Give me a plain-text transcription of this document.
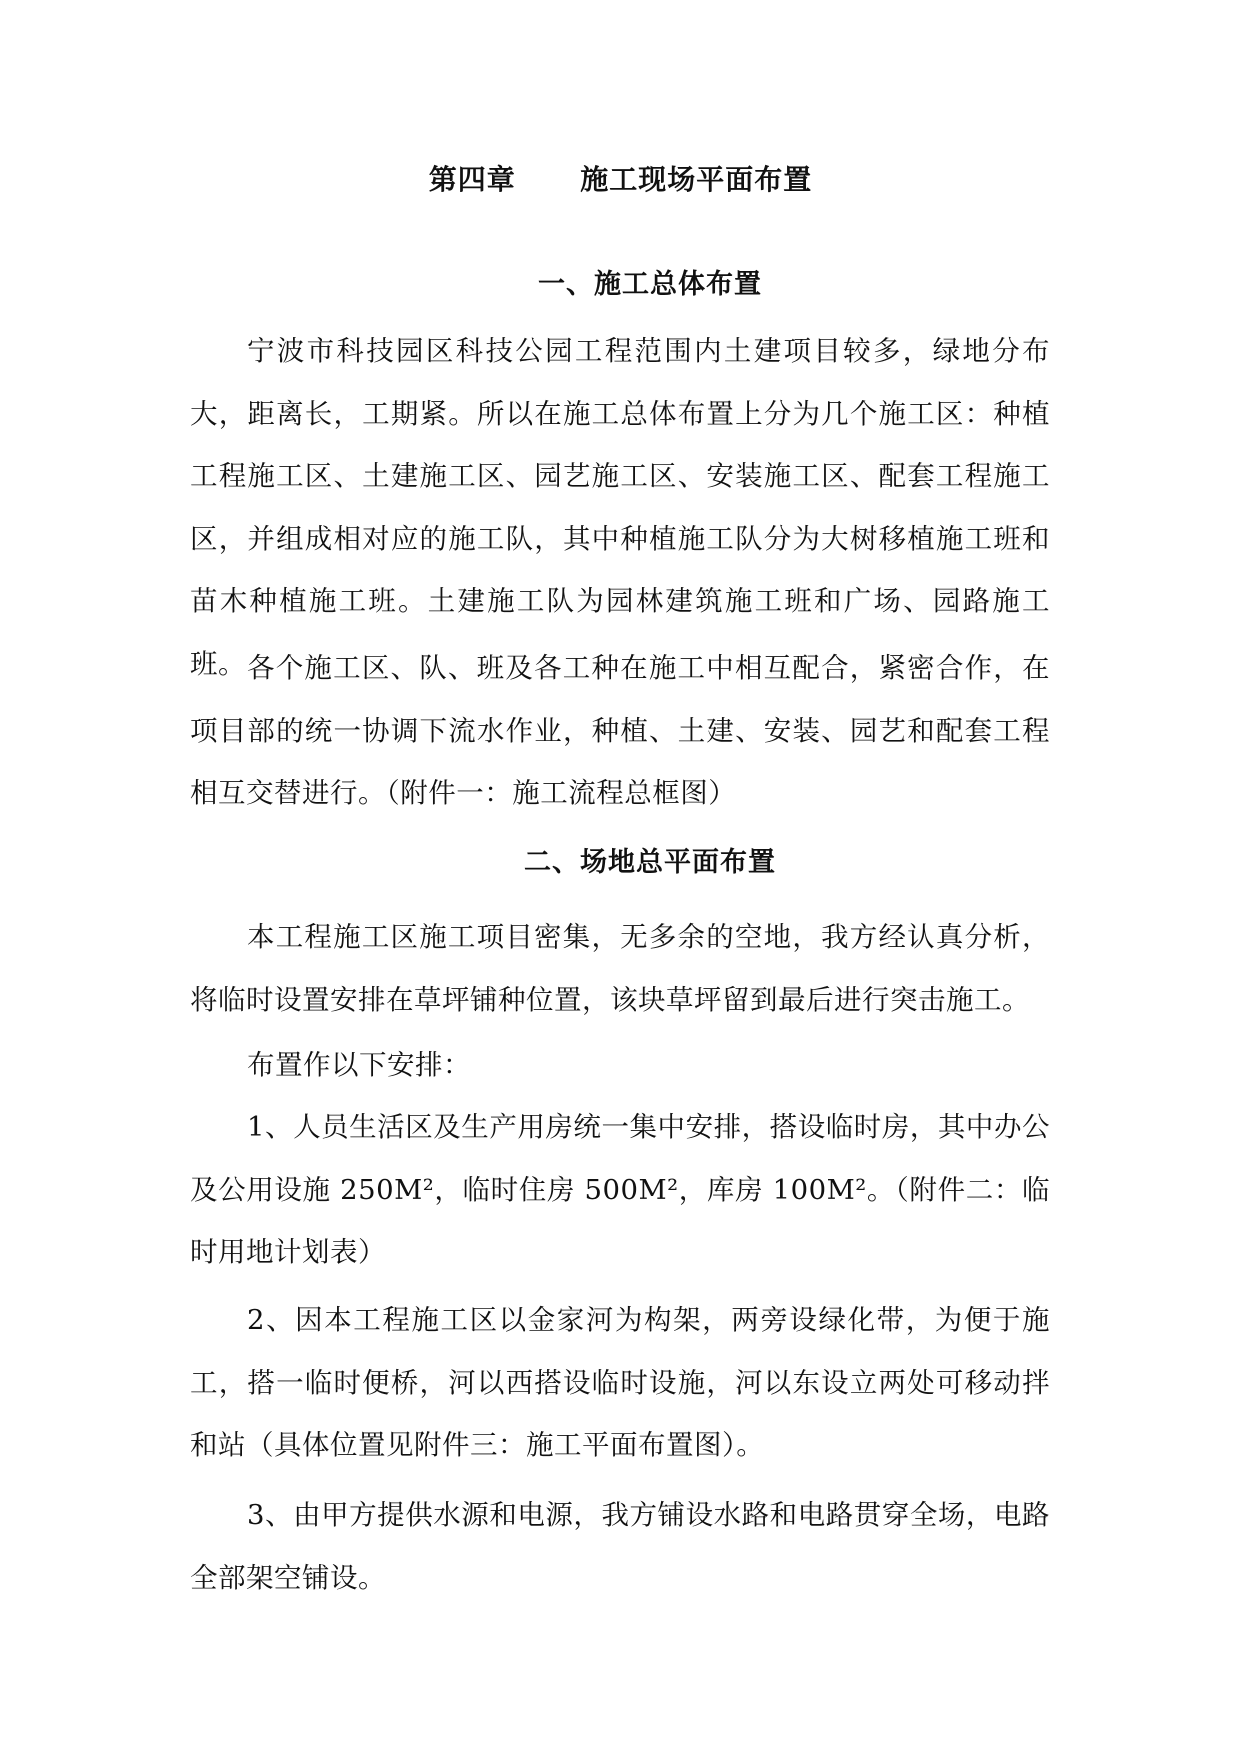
第四章      施工现场平面布置
一、施工总体布置

宁波市科技园区科技公园工程范围内土建项目较多，绿地分布大，距离长，工期紧。所以在施工总体布置上分为几个施工区：种植工程施工区、土建施工区、园艺施工区、安装施工区、配套工程施工区，并组成相对应的施工队，其中种植施工队分为大树移植施工班和苗木种植施工班。土建施工队为园林建筑施工班和广场、园路施工班。 各个施工区、队、班及各工种在施工中相互配合，紧密合作，在项目部的统一协调下流水作业，种植、土建、安装、园艺和配套工程相互交替进行。（附件一：施工流程总框图）

二、场地总平面布置

本工程施工区施工项目密集，无多余的空地，我方经认真分析，将临时设置安排在草坪铺种位置，该块草坪留到最后进行突击施工。

布置作以下安排：

1、人员生活区及生产用房统一集中安排，搭设临时房，其中办公及公用设施 250M²，临时住房 500M²，库房 100M²。（附件二：临时用地计划表）

2、因本工程施工区以金家河为构架，两旁设绿化带，为便于施工，搭一临时便桥，河以西搭设临时设施，河以东设立两处可移动拌和站（具体位置见附件三：施工平面布置图）。

3、由甲方提供水源和电源，我方铺设水路和电路贯穿全场，电路全部架空铺设。
